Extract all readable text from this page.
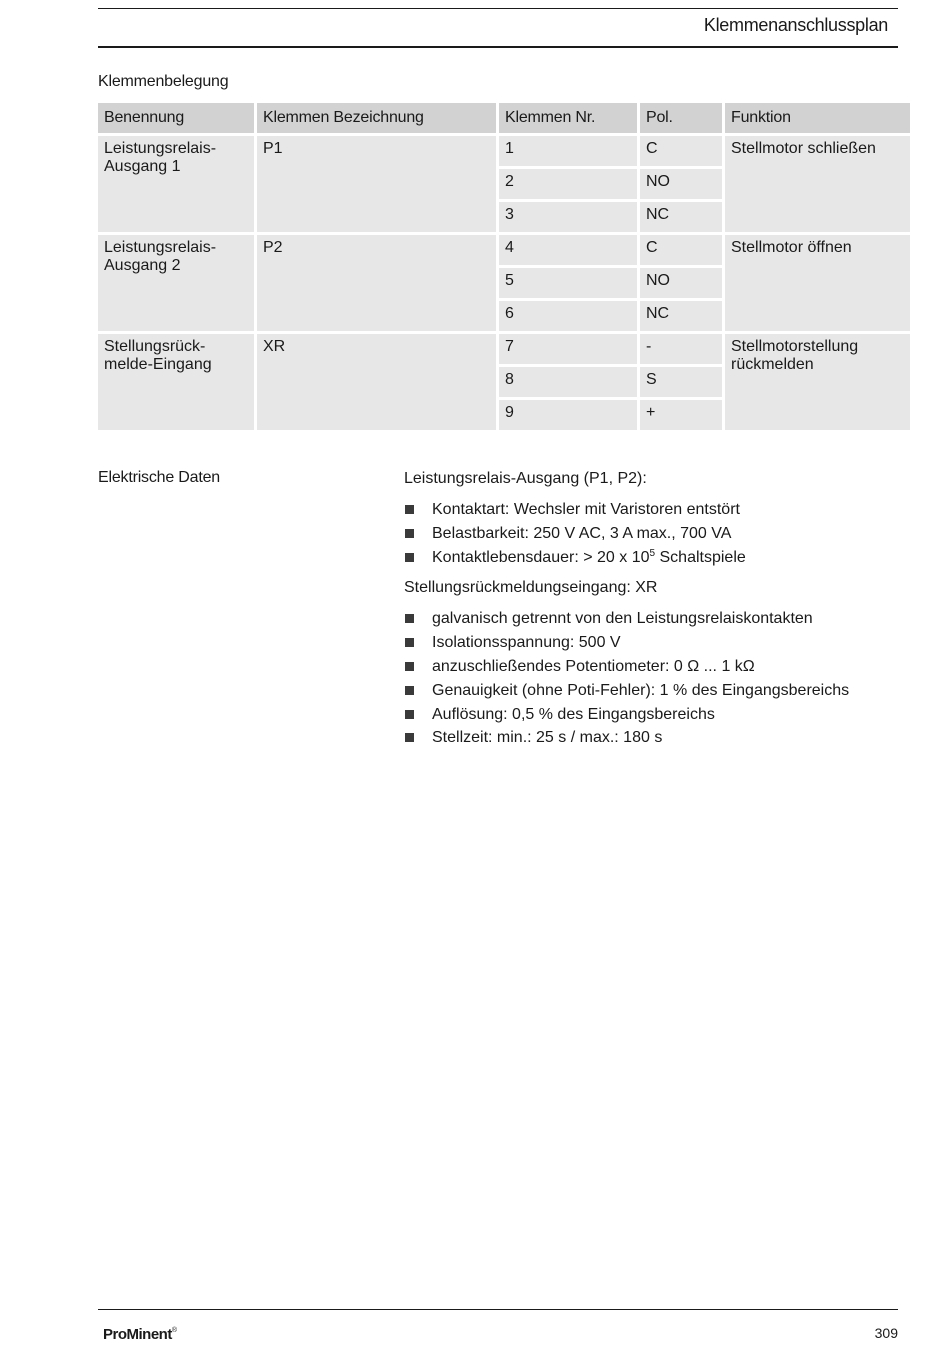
Klemmenanschlussplan
Klemmenbelegung
Benennung	Klemmen Bezeichnung	Klemmen Nr.	Pol.	Funktion
Leistungsrelais-
Ausgang 1	P1	1	C	Stellmotor schließen
		2	NO	
		3	NC	
Leistungsrelais-
Ausgang 2	P2	4	C	Stellmotor öffnen
		5	NO	
		6	NC	
Stellungsrück-
melde-Eingang	XR	7	-	Stellmotorstellung
rückmelden
		8	S	
		9	+	
Elektrische Daten	Leistungsrelais-Ausgang (P1, P2):
Kontaktart: Wechsler mit Varistoren entstört
Belastbarkeit: 250 V AC, 3 A max., 700 VA
Kontaktlebensdauer: > 20 x $10^5$ Schaltspiele
Stellungsrückmeldungseingang: XR
galvanisch getrennt von den Leistungsrelaiskontakten
Isolationsspannung: 500 V
anzuschließendes Potentiometer: 0 Ω ... 1 kΩ
Genauigkeit (ohne Poti-Fehler): 1 % des Eingangsbereichs
Auflösung: 0,5 % des Eingangsbereichs
Stellzeit: min.: 25 s / max.: 180 s
ProMinent®	309
